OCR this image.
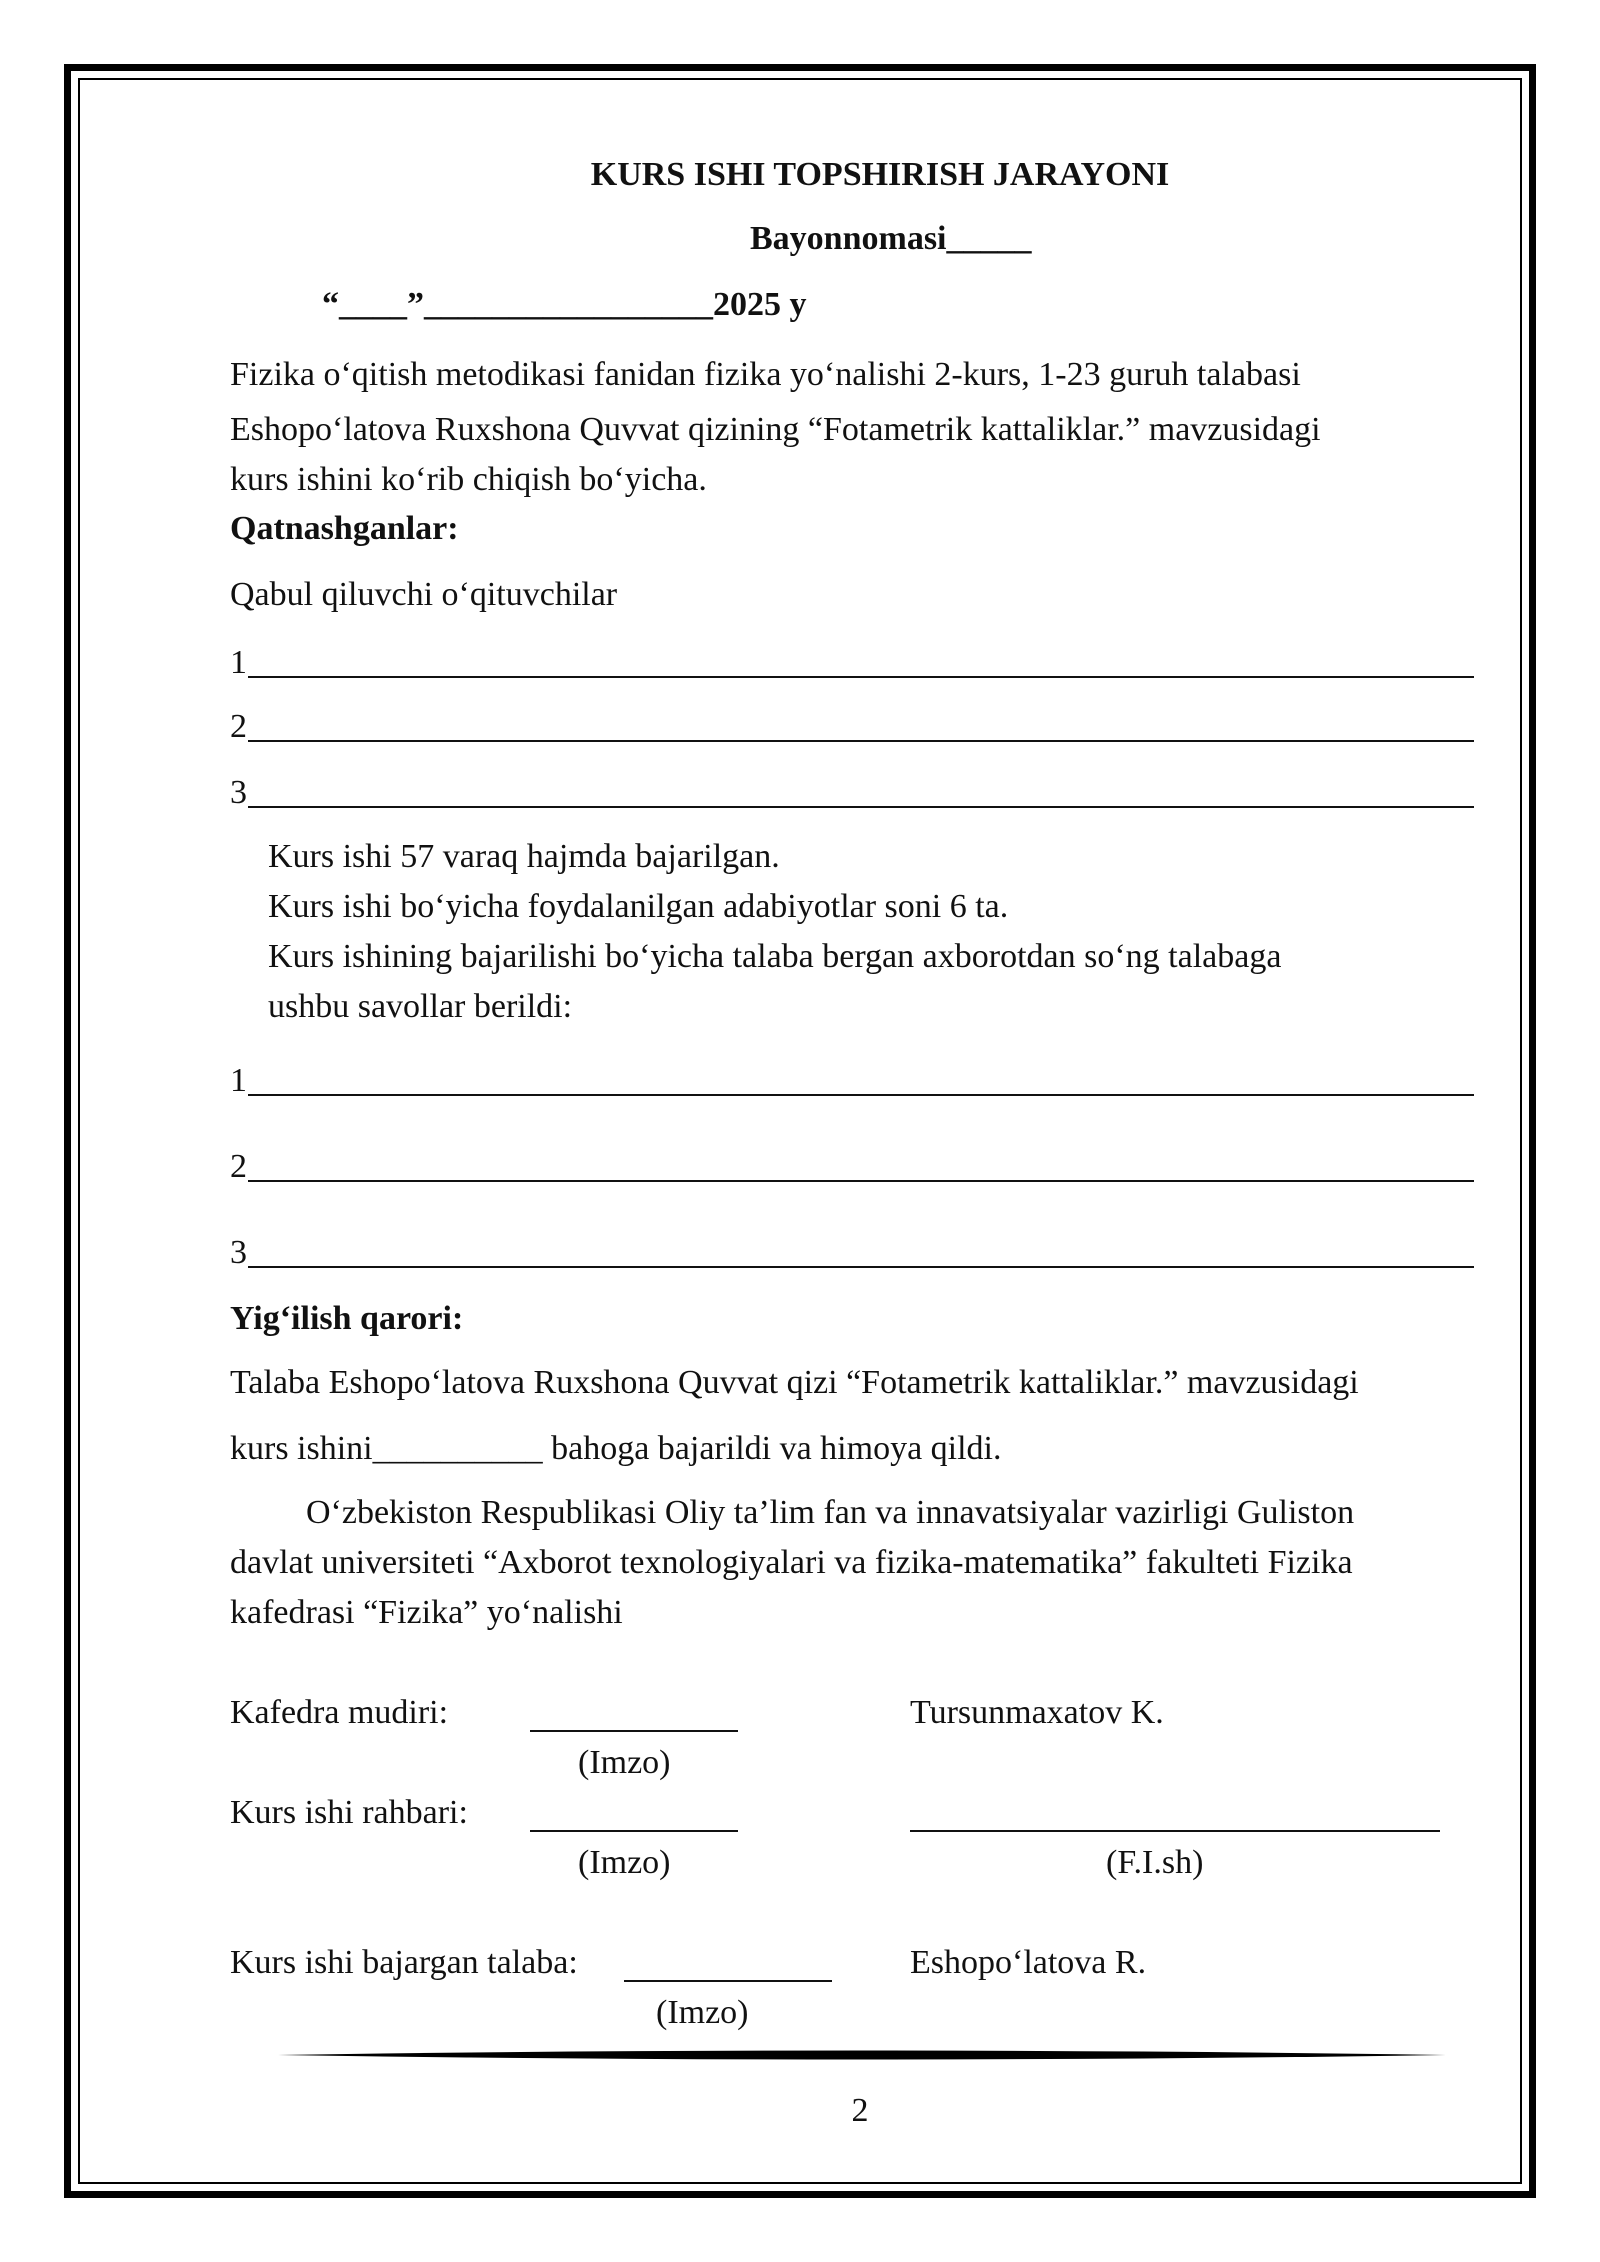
KURS ISHI TOPSHIRISH JARAYONI
Bayonnomasi_____
“____”_________________2025 y
Fizika o‘qitish metodikasi fanidan fizika yo‘nalishi 2-kurs, 1-23 guruh talabasi
Eshopo‘latova Ruxshona Quvvat qizining “Fotametrik kattaliklar.” mavzusidagi
kurs ishini ko‘rib chiqish bo‘yicha.
Qatnashganlar:
Qabul qiluvchi o‘qituvchilar
1
2
3
Kurs ishi 57 varaq hajmda bajarilgan.
Kurs ishi bo‘yicha foydalanilgan adabiyotlar soni 6 ta.
Kurs ishining bajarilishi bo‘yicha talaba bergan axborotdan so‘ng talabaga
ushbu savollar berildi:
1
2
3
Yig‘ilish qarori:
Talaba Eshopo‘latova Ruxshona Quvvat qizi “Fotametrik kattaliklar.” mavzusidagi
kurs ishini__________ bahoga bajarildi va himoya qildi.
O‘zbekiston Respublikasi Oliy ta’lim fan va innavatsiyalar vazirligi Guliston
davlat universiteti “Axborot texnologiyalari va fizika-matematika” fakulteti Fizika
kafedrasi “Fizika” yo‘nalishi
Kafedra mudiri:	Tursunmaxatov K.
(Imzo)
Kurs ishi rahbari:
(Imzo)	(F.I.sh)
Kurs ishi bajargan talaba:	Eshopo‘latova R.
(Imzo)
2
